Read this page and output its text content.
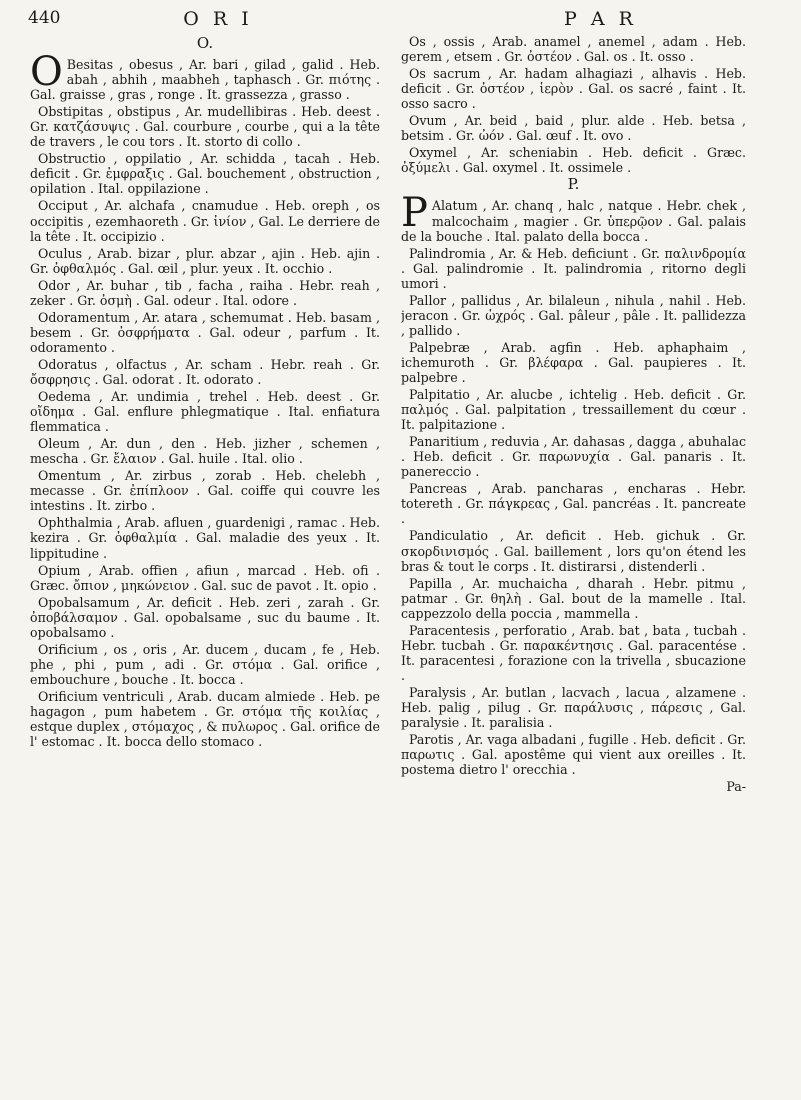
440	O R I	P A R
O.

OBesitas , obesus , Ar. bari , gilad , galid . Heb. abah , abhih , maabheh , taphasch . Gr. πιότης . Gal. graisse , gras , ronge . It. grassezza , grasso .

Obstipitas , obstipus , Ar. mudellibiras . Heb. deest . Gr. κατζάσυψις . Gal. courbure , courbe , qui a la tête de travers , le cou tors . It. storto di collo .

Obstructio , oppilatio , Ar. schidda , tacah . Heb. deficit . Gr. ἐμφραξις . Gal. bouchement , obstruction , opilation . Ital. oppilazione .

Occiput , Ar. alchafa , cnamudue . Heb. oreph , os occipitis , ezemhaoreth . Gr. ἰνίον , Gal. Le derriere de la tête . It. occipizio .

Oculus , Arab. bizar , plur. abzar , ajin . Heb. ajin . Gr. ὀφθαλμός . Gal. œil , plur. yeux . It. occhio .

Odor , Ar. buhar , tib , facha , raiha . Hebr. reah , zeker . Gr. ὀσμὴ . Gal. odeur . Ital. odore .

Odoramentum , Ar. atara , schemumat . Heb. basam , besem . Gr. ὀσφρήματα . Gal. odeur , parfum . It. odoramento .

Odoratus , olfactus , Ar. scham . Hebr. reah . Gr. ὄσφρησις . Gal. odorat . It. odorato .

Oedema , Ar. undimia , trehel . Heb. deest . Gr. οἴδημα . Gal. enflure phlegmatique . Ital. enfiatura flemmatica .

Oleum , Ar. dun , den . Heb. jizher , schemen , mescha . Gr. ἔλαιον . Gal. huile . Ital. olio .

Omentum , Ar. zirbus , zorab . Heb. chelebh , mecasse . Gr. ἐπίπλοον . Gal. coiffe qui couvre les intestins . It. zirbo .

Ophthalmia , Arab. afluen , guardenigi , ramac . Heb. kezira . Gr. ὀφθαλμία . Gal. maladie des yeux . It. lippitudine .

Opium , Arab. offien , afiun , marcad . Heb. ofi . Græc. ὄπιον , μηκώνειον . Gal. suc de pavot . It. opio .

Opobalsamum , Ar. deficit . Heb. zeri , zarah . Gr. ὀποβάλσαμον . Gal. opobalsame , suc du baume . It. opobalsamo .

Orificium , os , oris , Ar. ducem , ducam , fe , Heb. phe , phi , pum , adi . Gr. στόμα . Gal. orifice , embouchure , bouche . It. bocca .

Orificium ventriculi , Arab. ducam almiede . Heb. pe hagagon , pum habetem . Gr. στόμα τῆς κοιλίας , estque duplex , στόμαχος , & πυλωρος . Gal. orifice de l' estomac . It. bocca dello stomaco .

Os , ossis , Arab. anamel , anemel , adam . Heb. gerem , etsem . Gr. ὀστέον . Gal. os . It. osso .

Os sacrum , Ar. hadam alhagiazi , alhavis . Heb. deficit . Gr. ὀστέον , ἱερὸν . Gal. os sacré , faint . It. osso sacro .

Ovum , Ar. beid , baid , plur. alde . Heb. betsa , betsim . Gr. ὠόν . Gal. œuf . It. ovo .

Oxymel , Ar. scheniabin . Heb. deficit . Græc. ὀξύμελι . Gal. oxymel . It. ossimele .

P.

PAlatum , Ar. chanq , halc , natque . Hebr. chek , malcochaim , magier . Gr. ὑπερῷον . Gal. palais de la bouche . Ital. palato della bocca .

Palindromia , Ar. & Heb. deficiunt . Gr. παλινδρομία . Gal. palindromie . It. palindromia , ritorno degli umori .

Pallor , pallidus , Ar. bilaleun , nihula , nahil . Heb. jeracon . Gr. ὠχρός . Gal. pâleur , pâle . It. pallidezza , pallido .

Palpebræ , Arab. agfin . Heb. aphaphaim , ichemuroth . Gr. βλέφαρα . Gal. paupieres . It. palpebre .

Palpitatio , Ar. alucbe , ichtelig . Heb. deficit . Gr. παλμός . Gal. palpitation , tressaillement du cœur . It. palpitazione .

Panaritium , reduvia , Ar. dahasas , dagga , abuhalac . Heb. deficit . Gr. παρωνυχία . Gal. panaris . It. panereccio .

Pancreas , Arab. pancharas , encharas . Hebr. totereth . Gr. πάγκρεας , Gal. pancréas . It. pancreate .

Pandiculatio , Ar. deficit . Heb. gichuk . Gr. σκορδινισμός . Gal. baillement , lors qu'on étend les bras & tout le corps . It. distirarsi , distenderli .

Papilla , Ar. muchaicha , dharah . Hebr. pitmu , patmar . Gr. θηλὴ . Gal. bout de la mamelle . Ital. cappezzolo della poccia , mammella .

Paracentesis , perforatio , Arab. bat , bata , tucbah . Hebr. tucbah . Gr. παρακέντησις . Gal. paracentése . It. paracentesi , forazione con la trivella , sbucazione .

Paralysis , Ar. butlan , lacvach , lacua , alzamene . Heb. palig , pilug . Gr. παράλυσις , πάρεσις , Gal. paralysie . It. paralisia .

Parotis , Ar. vaga albadani , fugille . Heb. deficit . Gr. παρωτις . Gal. apostême qui vient aux oreilles . It. postema dietro l' orecchia .

Pa-
